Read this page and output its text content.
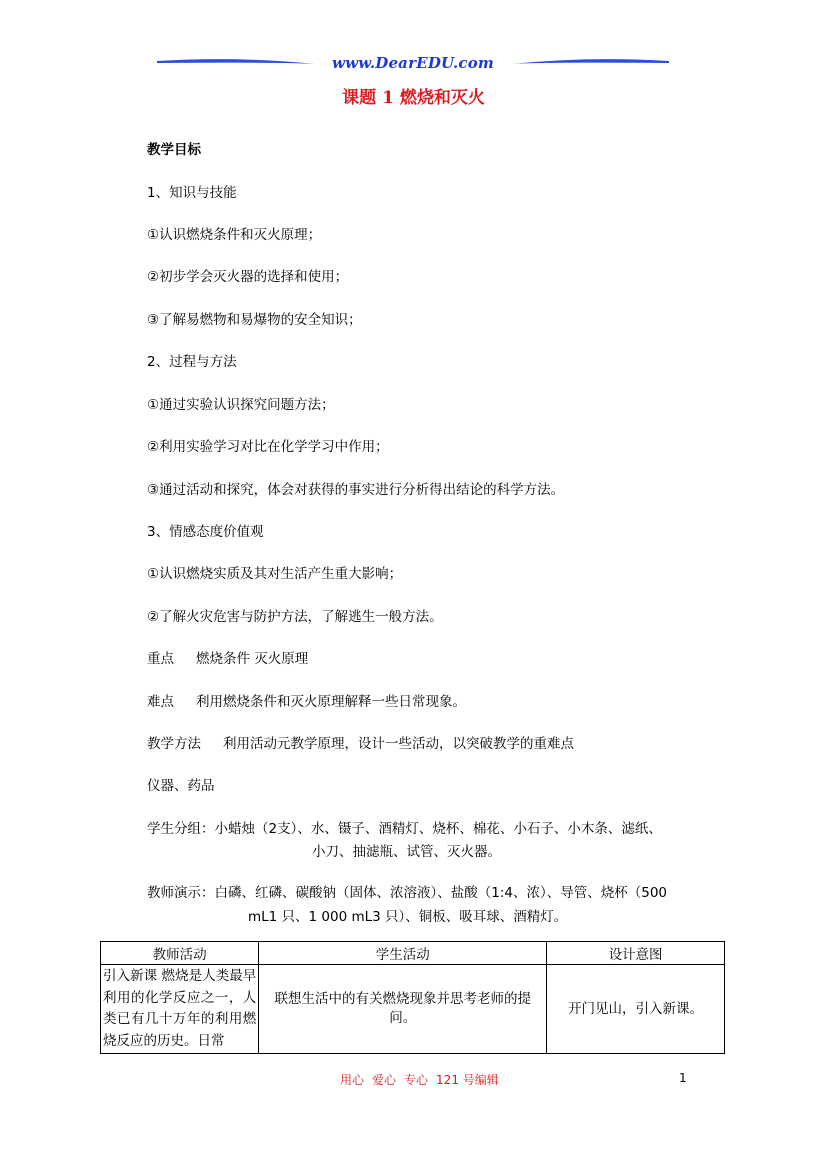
www.DearEDU.com
课题 1 燃烧和灭火
教学目标
1、知识与技能
①认识燃烧条件和灭火原理；
②初步学会灭火器的选择和使用；
③了解易燃物和易爆物的安全知识；
2、过程与方法
①通过实验认识探究问题方法；
②利用实验学习对比在化学学习中作用；
③通过活动和探究，体会对获得的事实进行分析得出结论的科学方法。
3、情感态度价值观
①认识燃烧实质及其对生活产生重大影响；
②了解火灾危害与防护方法，了解逃生一般方法。
重点 燃烧条件 灭火原理
难点 利用燃烧条件和灭火原理解释一些日常现象。
教学方法 利用活动元教学原理，设计一些活动，以突破教学的重难点
仪器、药品
学生分组：小蜡烛（2支）、水、镊子、酒精灯、烧杯、棉花、小石子、小木条、滤纸、
小刀、抽滤瓶、试管、灭火器。
教师演示：白磷、红磷、碳酸钠（固体、浓溶液）、盐酸（1:4、浓）、导管、烧杯（500
mL1 只、1 000 mL3 只）、铜板、吸耳球、酒精灯。
教师活动	学生活动	设计意图
引入新课 燃烧是人类最早利用的化学反应之一，人类已有几十万年的利用燃烧反应的历史。日常	联想生活中的有关燃烧现象并思考老师的提问。	开门见山，引入新课。
用心 爱心 专心 121 号编辑	1
